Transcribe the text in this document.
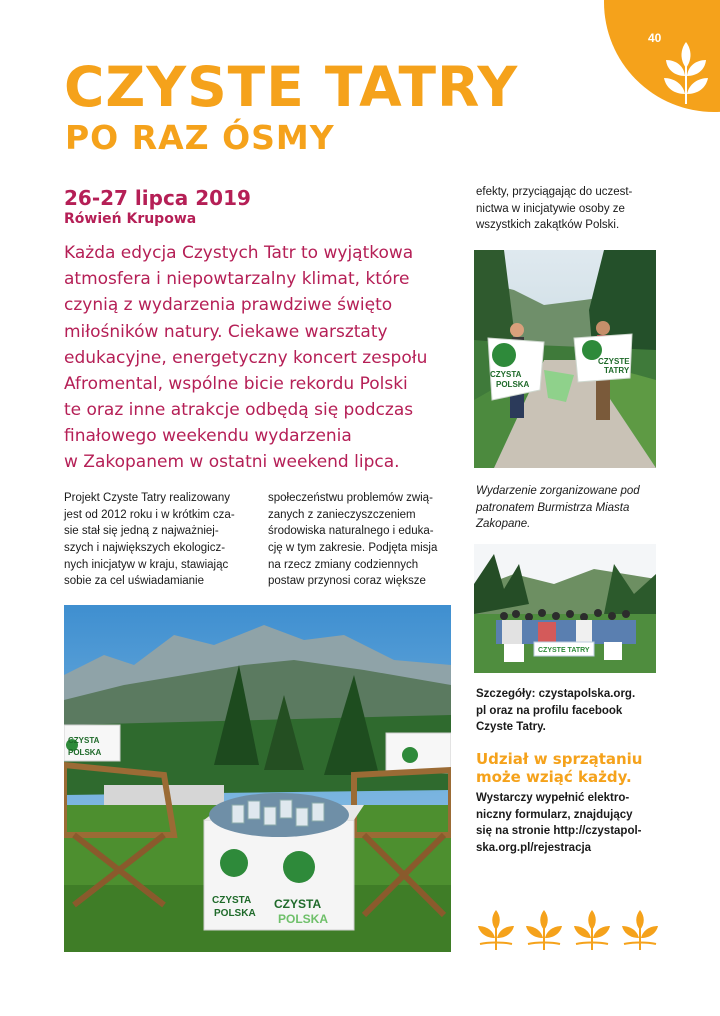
40
CZYSTE TATRY
PO RAZ ÓSMY
26-27 lipca 2019
Rówień Krupowa
Każda edycja Czystych Tatr to wyjątkowa
atmosfera i niepowtarzalny klimat, które
czynią z wydarzenia prawdziwe święto
miłośników natury. Ciekawe warsztaty
edukacyjne, energetyczny koncert zespołu
Afromental, wspólne bicie rekordu Polski
te oraz inne atrakcje odbędą się podczas
finałowego weekendu wydarzenia
w Zakopanem w ostatni weekend lipca.
Projekt Czyste Tatry realizowany
jest od 2012 roku i w krótkim cza-
sie stał się jedną z najważniej-
szych i największych ekologicz-
nych inicjatyw w kraju, stawiając
sobie za cel uświadamianie
społeczeństwu problemów zwią-
zanych z zanieczyszczeniem
środowiska naturalnego i eduka-
cję w tym zakresie. Podjęta misja
na rzecz zmiany codziennych
postaw przynosi coraz większe
efekty, przyciągając do uczest-
nictwa w inicjatywie osoby ze
wszystkich zakątków Polski.
CZYSTA
POLSKA
CZYSTE
TATRY
Wydarzenie zorganizowane pod
patronatem Burmistrza Miasta
Zakopane.
CZYSTE TATRY
Szczegóły: czystapolska.org.
pl oraz na profilu facebook
Czyste Tatry.
Udział w sprzątaniu
może wziąć każdy.
Wystarczy wypełnić elektro-
niczny formularz, znajdujący
się na stronie http://czystapol-
ska.org.pl/rejestracja
CZYSTA
POLSKA
CZYSTA
POLSKA
CZYSTA
POLSKA
